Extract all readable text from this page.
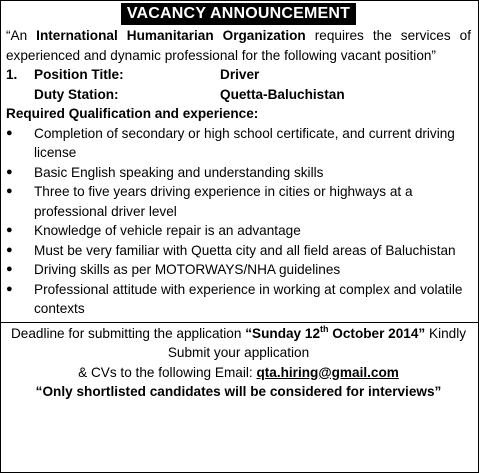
VACANCY ANNOUNCEMENT

“An International Humanitarian Organization requires the services of experienced and dynamic professional for the following vacant position”

1.	Position Title:	Driver
Duty Station:	Quetta-Baluchistan

Required Qualification and experience:

●	Completion of secondary or high school certificate, and current driving license
●	Basic English speaking and understanding skills
●	Three to five years driving experience in cities or highways at a professional driver level
●	Knowledge of vehicle repair is an advantage
●	Must be very familiar with Quetta city and all field areas of Baluchistan
●	Driving skills as per MOTORWAYS/NHA guidelines
●	Professional attitude with experience in working at complex and volatile contexts
Deadline for submitting the application “Sunday 12th October 2014” Kindly Submit your application
& CVs to the following Email: qta.hiring@gmail.com
“Only shortlisted candidates will be considered for interviews”
